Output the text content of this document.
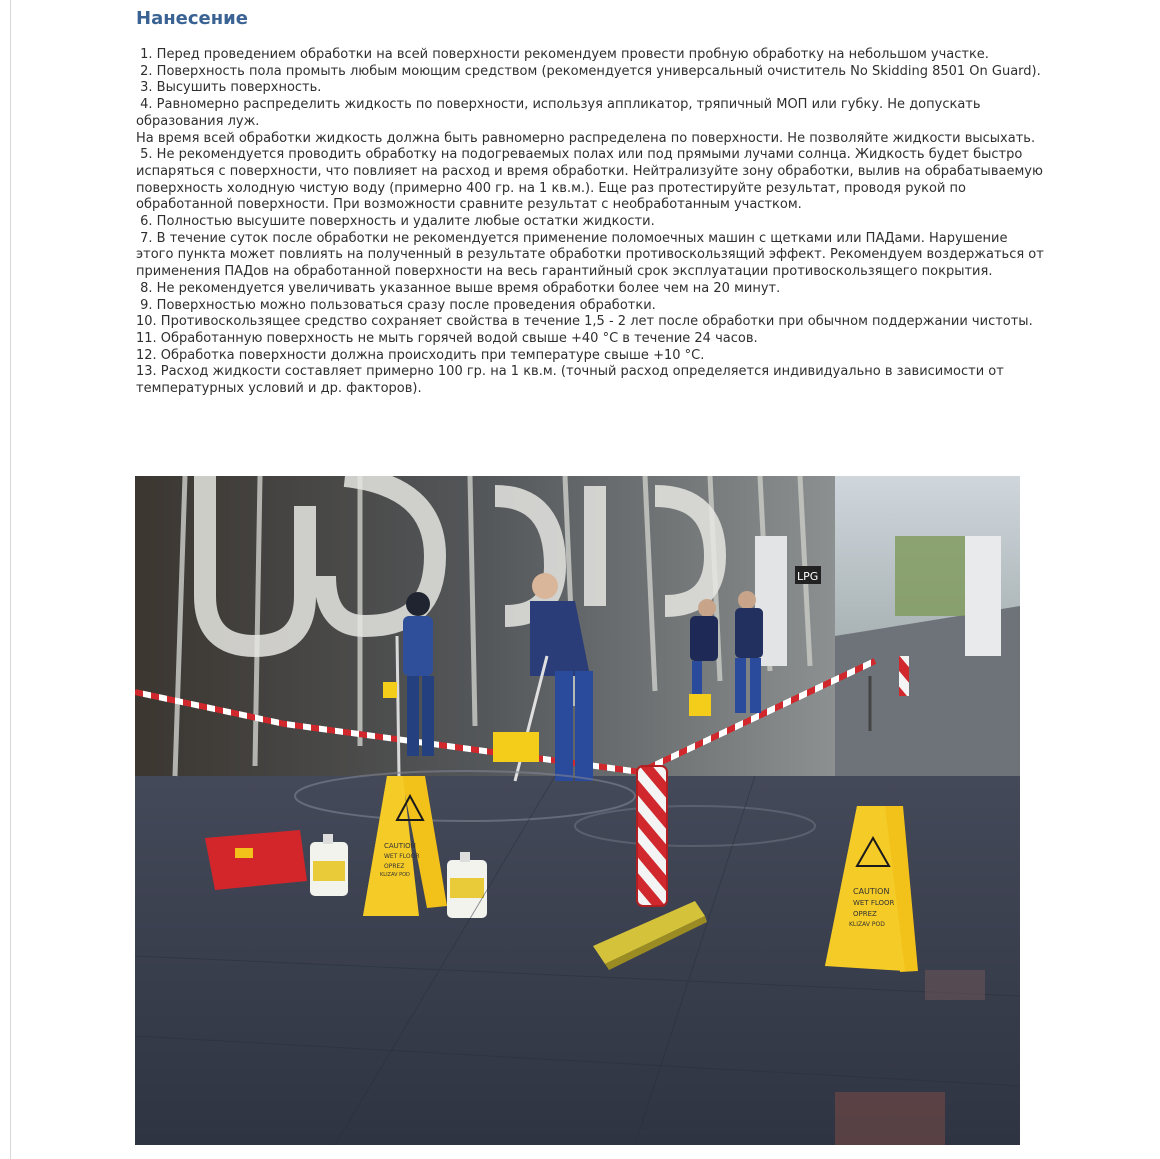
Нанесение

1. Перед проведением обработки на всей поверхности рекомендуем провести пробную обработку на небольшом участке.

2. Поверхность пола промыть любым моющим средством (рекомендуется универсальный очиститель No Skidding 8501 On Guard).

3. Высушить поверхность.

4. Равномерно распределить жидкость по поверхности, используя аппликатор, тряпичный МОП или губку. Не допускать образования луж.

На время всей обработки жидкость должна быть равномерно распределена по поверхности. Не позволяйте жидкости высыхать.

5. Не рекомендуется проводить обработку на подогреваемых полах или под прямыми лучами солнца. Жидкость будет быстро испаряться с поверхности, что повлияет на расход и время обработки. Нейтрализуйте зону обработки, вылив на обрабатываемую поверхность холодную чистую воду (примерно 400 гр. на 1 кв.м.). Еще раз протестируйте результат, проводя рукой по обработанной поверхности. При возможности сравните результат с необработанным участком.

6. Полностью высушите поверхность и удалите любые остатки жидкости.

7. В течение суток после обработки не рекомендуется применение поломоечных машин с щетками или ПАДами. Нарушение этого пункта может повлиять на полученный в результате обработки противоскользящий эффект. Рекомендуем воздержаться от применения ПАДов на обработанной поверхности на весь гарантийный срок эксплуатации противоскользящего покрытия.

8. Не рекомендуется увеличивать указанное выше время обработки более чем на 20 минут.

9. Поверхностью можно пользоваться сразу после проведения обработки.

10. Противоскользящее средство сохраняет свойства в течение 1,5 - 2 лет после обработки при обычном поддержании чистоты.

11. Обработанную поверхность не мыть горячей водой свыше +40 °С в течение 24 часов.

12. Обработка поверхности должна происходить при температуре свыше +10 °С.

13. Расход жидкости составляет примерно 100 гр. на 1 кв.м. (точный расход определяется индивидуально в зависимости от температурных условий и др. факторов).

LPG
CAUTION
WET FLOOR
OPREZ
KLIZAV POD
CAUTION
WET FLOOR
OPREZ
KLIZAV POD
